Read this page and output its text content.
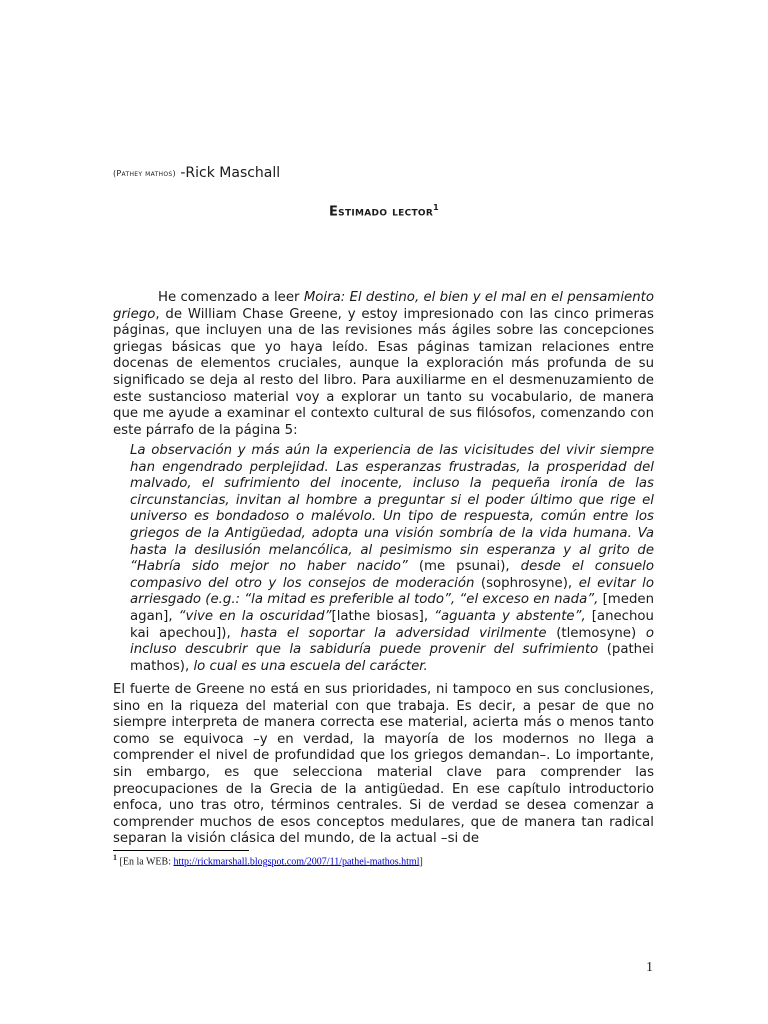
(Pathey mathos) -Rick Maschall
Estimado lector$^1$
He comenzado a leer Moira: El destino, el bien y el mal en el pensamiento griego, de William Chase Greene, y estoy impresionado con las cinco primeras páginas, que incluyen una de las revisiones más ágiles sobre las concepciones griegas básicas que yo haya leído. Esas páginas tamizan relaciones entre docenas de elementos cruciales, aunque la exploración más profunda de su significado se deja al resto del libro. Para auxiliarme en el desmenuzamiento de este sustancioso material voy a explorar un tanto su vocabulario, de manera que me ayude a examinar el contexto cultural de sus filósofos, comenzando con este párrafo de la página 5:
La observación y más aún la experiencia de las vicisitudes del vivir siempre han engendrado perplejidad. Las esperanzas frustradas, la prosperidad del malvado, el sufrimiento del inocente, incluso la pequeña ironía de las circunstancias, invitan al hombre a preguntar si el poder último que rige el universo es bondadoso o malévolo. Un tipo de respuesta, común entre los griegos de la Antigüedad, adopta una visión sombría de la vida humana. Va hasta la desilusión melancólica, al pesimismo sin esperanza y al grito de “Habría sido mejor no haber nacido” (me psunai), desde el consuelo compasivo del otro y los consejos de moderación (sophrosyne), el evitar lo arriesgado (e.g.: “la mitad es preferible al todo”, “el exceso en nada”, [meden agan], “vive en la oscuridad”[lathe biosas], “aguanta y abstente”, [anechou kai apechou]), hasta el soportar la adversidad virilmente (tlemosyne) o incluso descubrir que la sabiduría puede provenir del sufrimiento (pathei mathos), lo cual es una escuela del carácter.
El fuerte de Greene no está en sus prioridades, ni tampoco en sus conclusiones, sino en la riqueza del material con que trabaja. Es decir, a pesar de que no siempre interpreta de manera correcta ese material, acierta más o menos tanto como se equivoca –y en verdad, la mayoría de los modernos no llega a comprender el nivel de profundidad que los griegos demandan–. Lo importante, sin embargo, es que selecciona material clave para comprender las preocupaciones de la Grecia de la antigüedad. En ese capítulo introductorio enfoca, uno tras otro, términos centrales. Si de verdad se desea comenzar a comprender muchos de esos conceptos medulares, que de manera tan radical separan la visión clásica del mundo, de la actual –si de
$^1$ [En la WEB: http://rickmarshall.blogspot.com/2007/11/pathei-mathos.html]
1
